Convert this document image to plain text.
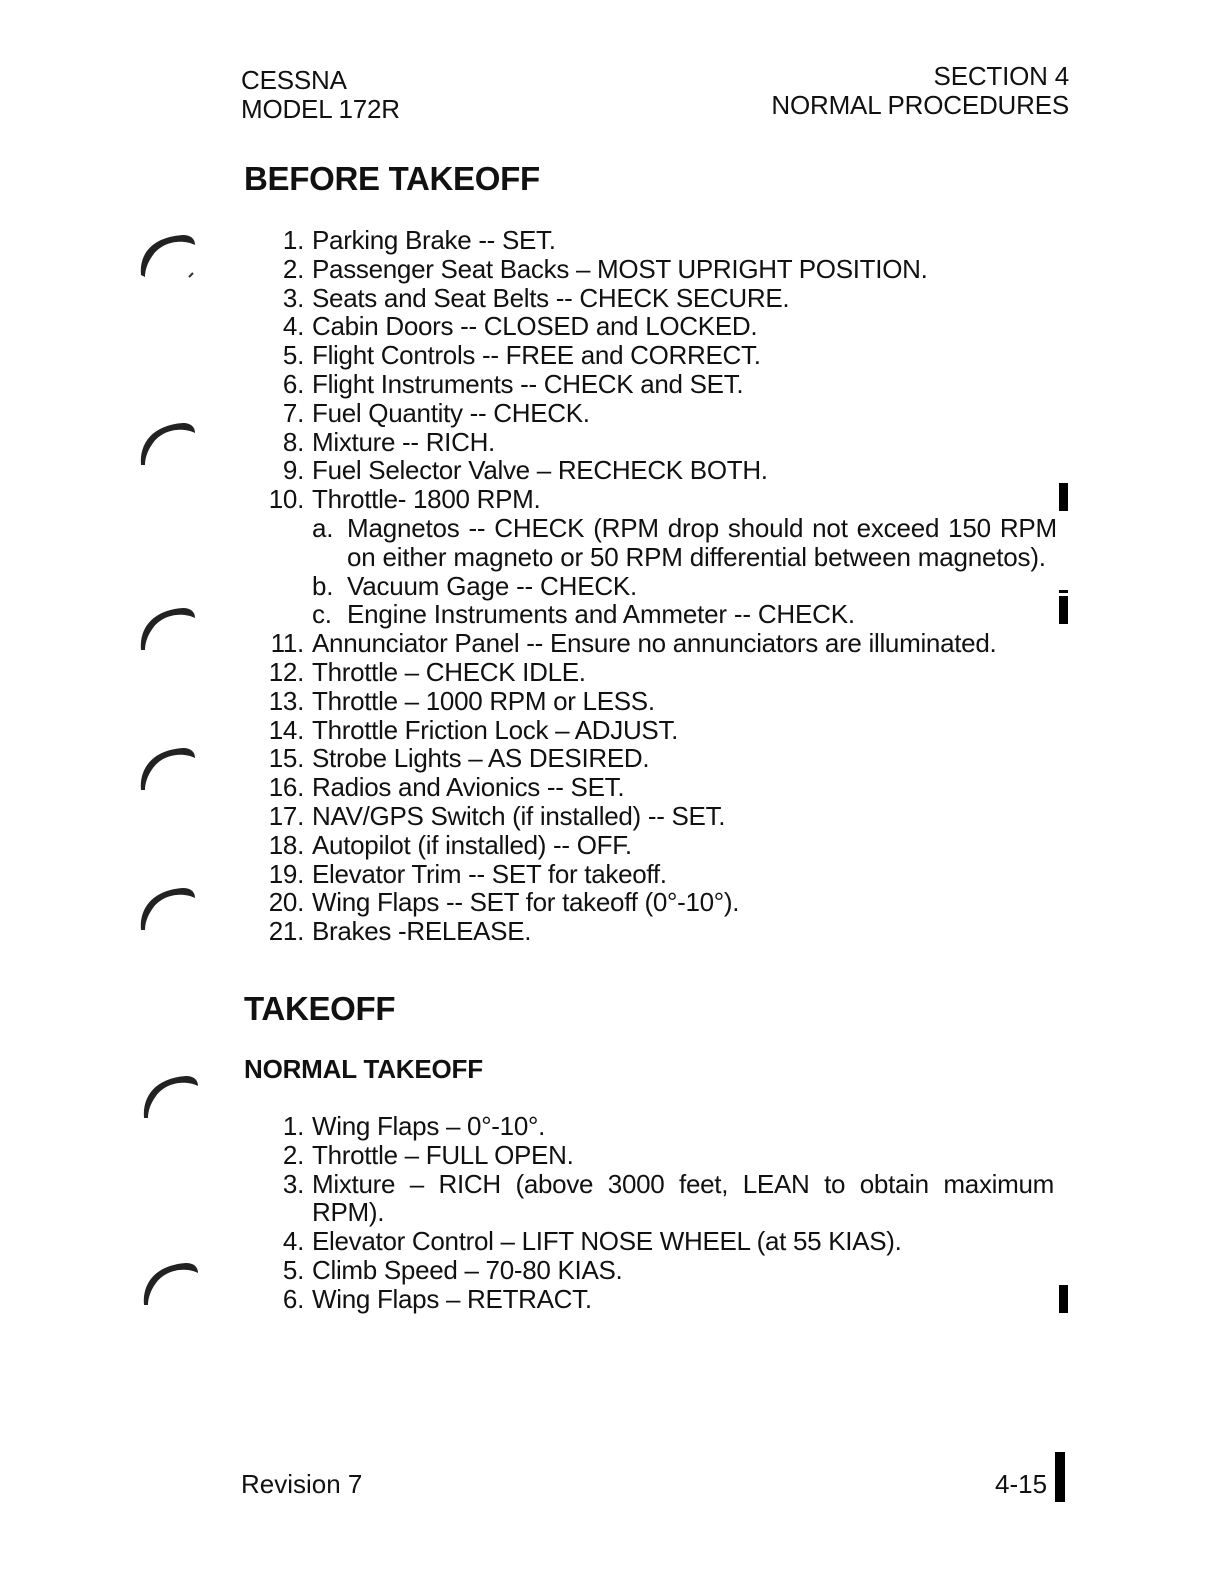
CESSNA
MODEL 172R
SECTION 4
NORMAL PROCEDURES
BEFORE TAKEOFF
1. Parking Brake -- SET.
2. Passenger Seat Backs – MOST UPRIGHT POSITION.
3. Seats and Seat Belts -- CHECK SECURE.
4. Cabin Doors -- CLOSED and LOCKED.
5. Flight Controls -- FREE and CORRECT.
6. Flight Instruments -- CHECK and SET.
7. Fuel Quantity -- CHECK.
8. Mixture -- RICH.
9. Fuel Selector Valve – RECHECK BOTH.
10. Throttle- 1800 RPM.
a. Magnetos -- CHECK (RPM drop should not exceed 150 RPM on either magneto or 50 RPM differential between magnetos).
b. Vacuum Gage -- CHECK.
c. Engine Instruments and Ammeter -- CHECK.
11. Annunciator Panel -- Ensure no annunciators are illuminated.
12. Throttle – CHECK IDLE.
13. Throttle – 1000 RPM or LESS.
14. Throttle Friction Lock – ADJUST.
15. Strobe Lights – AS DESIRED.
16. Radios and Avionics -- SET.
17. NAV/GPS Switch (if installed) -- SET.
18. Autopilot (if installed) -- OFF.
19. Elevator Trim -- SET for takeoff.
20. Wing Flaps -- SET for takeoff (0°-10°).
21. Brakes -RELEASE.
TAKEOFF
NORMAL TAKEOFF
1. Wing Flaps – 0°-10°.
2. Throttle – FULL OPEN.
3. Mixture – RICH (above 3000 feet, LEAN to obtain maximum RPM).
4. Elevator Control – LIFT NOSE WHEEL (at 55 KIAS).
5. Climb Speed – 70-80 KIAS.
6. Wing Flaps – RETRACT.
Revision 7	4-15
